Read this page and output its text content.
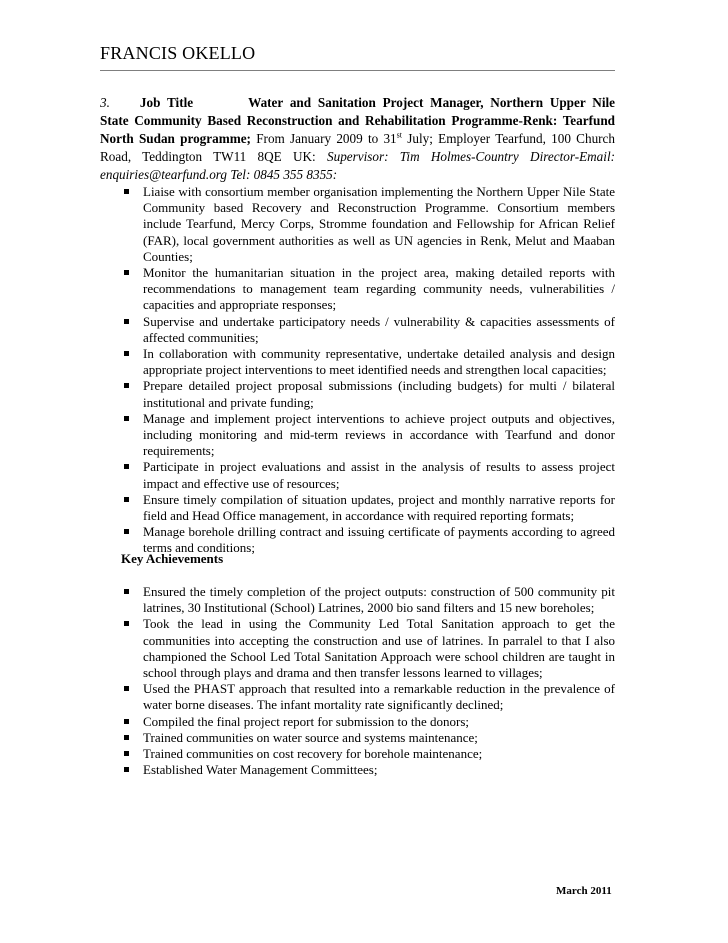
FRANCIS OKELLO
3. Job Title	Water and Sanitation Project Manager, Northern Upper Nile State Community Based Reconstruction and Rehabilitation Programme-Renk: Tearfund North Sudan programme; From January 2009 to 31st July; Employer Tearfund, 100 Church Road, Teddington TW11 8QE UK: Supervisor: Tim Holmes-Country Director-Email: enquiries@tearfund.org Tel: 0845 355 8355:
Liaise with consortium member organisation implementing the Northern Upper Nile State Community based Recovery and Reconstruction Programme. Consortium members include Tearfund, Mercy Corps, Stromme foundation and Fellowship for African Relief (FAR), local government authorities as well as UN agencies in Renk, Melut and Maaban Counties;
Monitor the humanitarian situation in the project area, making detailed reports with recommendations to management team regarding community needs, vulnerabilities / capacities and appropriate responses;
Supervise and undertake participatory needs / vulnerability & capacities assessments of affected communities;
In collaboration with community representative, undertake detailed analysis and design appropriate project interventions to meet identified needs and strengthen local capacities;
Prepare detailed project proposal submissions (including budgets) for multi / bilateral institutional and private funding;
Manage and implement project interventions to achieve project outputs and objectives, including monitoring and mid-term reviews in accordance with Tearfund and donor requirements;
Participate in project evaluations and assist in the analysis of results to assess project impact and effective use of resources;
Ensure timely compilation of situation updates, project and monthly narrative reports for field and Head Office management, in accordance with required reporting formats;
Manage borehole drilling contract and issuing certificate of payments according to agreed terms and conditions;
Key Achievements
Ensured the timely completion of the project outputs: construction of 500 community pit latrines, 30 Institutional (School) Latrines, 2000 bio sand filters and 15 new boreholes;
Took the lead in using the Community Led Total Sanitation approach to get the communities into accepting the construction and use of latrines. In parralel to that I also championed the School Led Total Sanitation Approach were school children are taught in school through plays and drama and then transfer lessons learned to villages;
Used the PHAST approach that resulted into a remarkable reduction in the prevalence of water borne diseases. The infant mortality rate significantly declined;
Compiled the final project report for submission to the donors;
Trained communities on water source and systems maintenance;
Trained communities on cost recovery for borehole maintenance;
Established Water Management Committees;
March 2011
